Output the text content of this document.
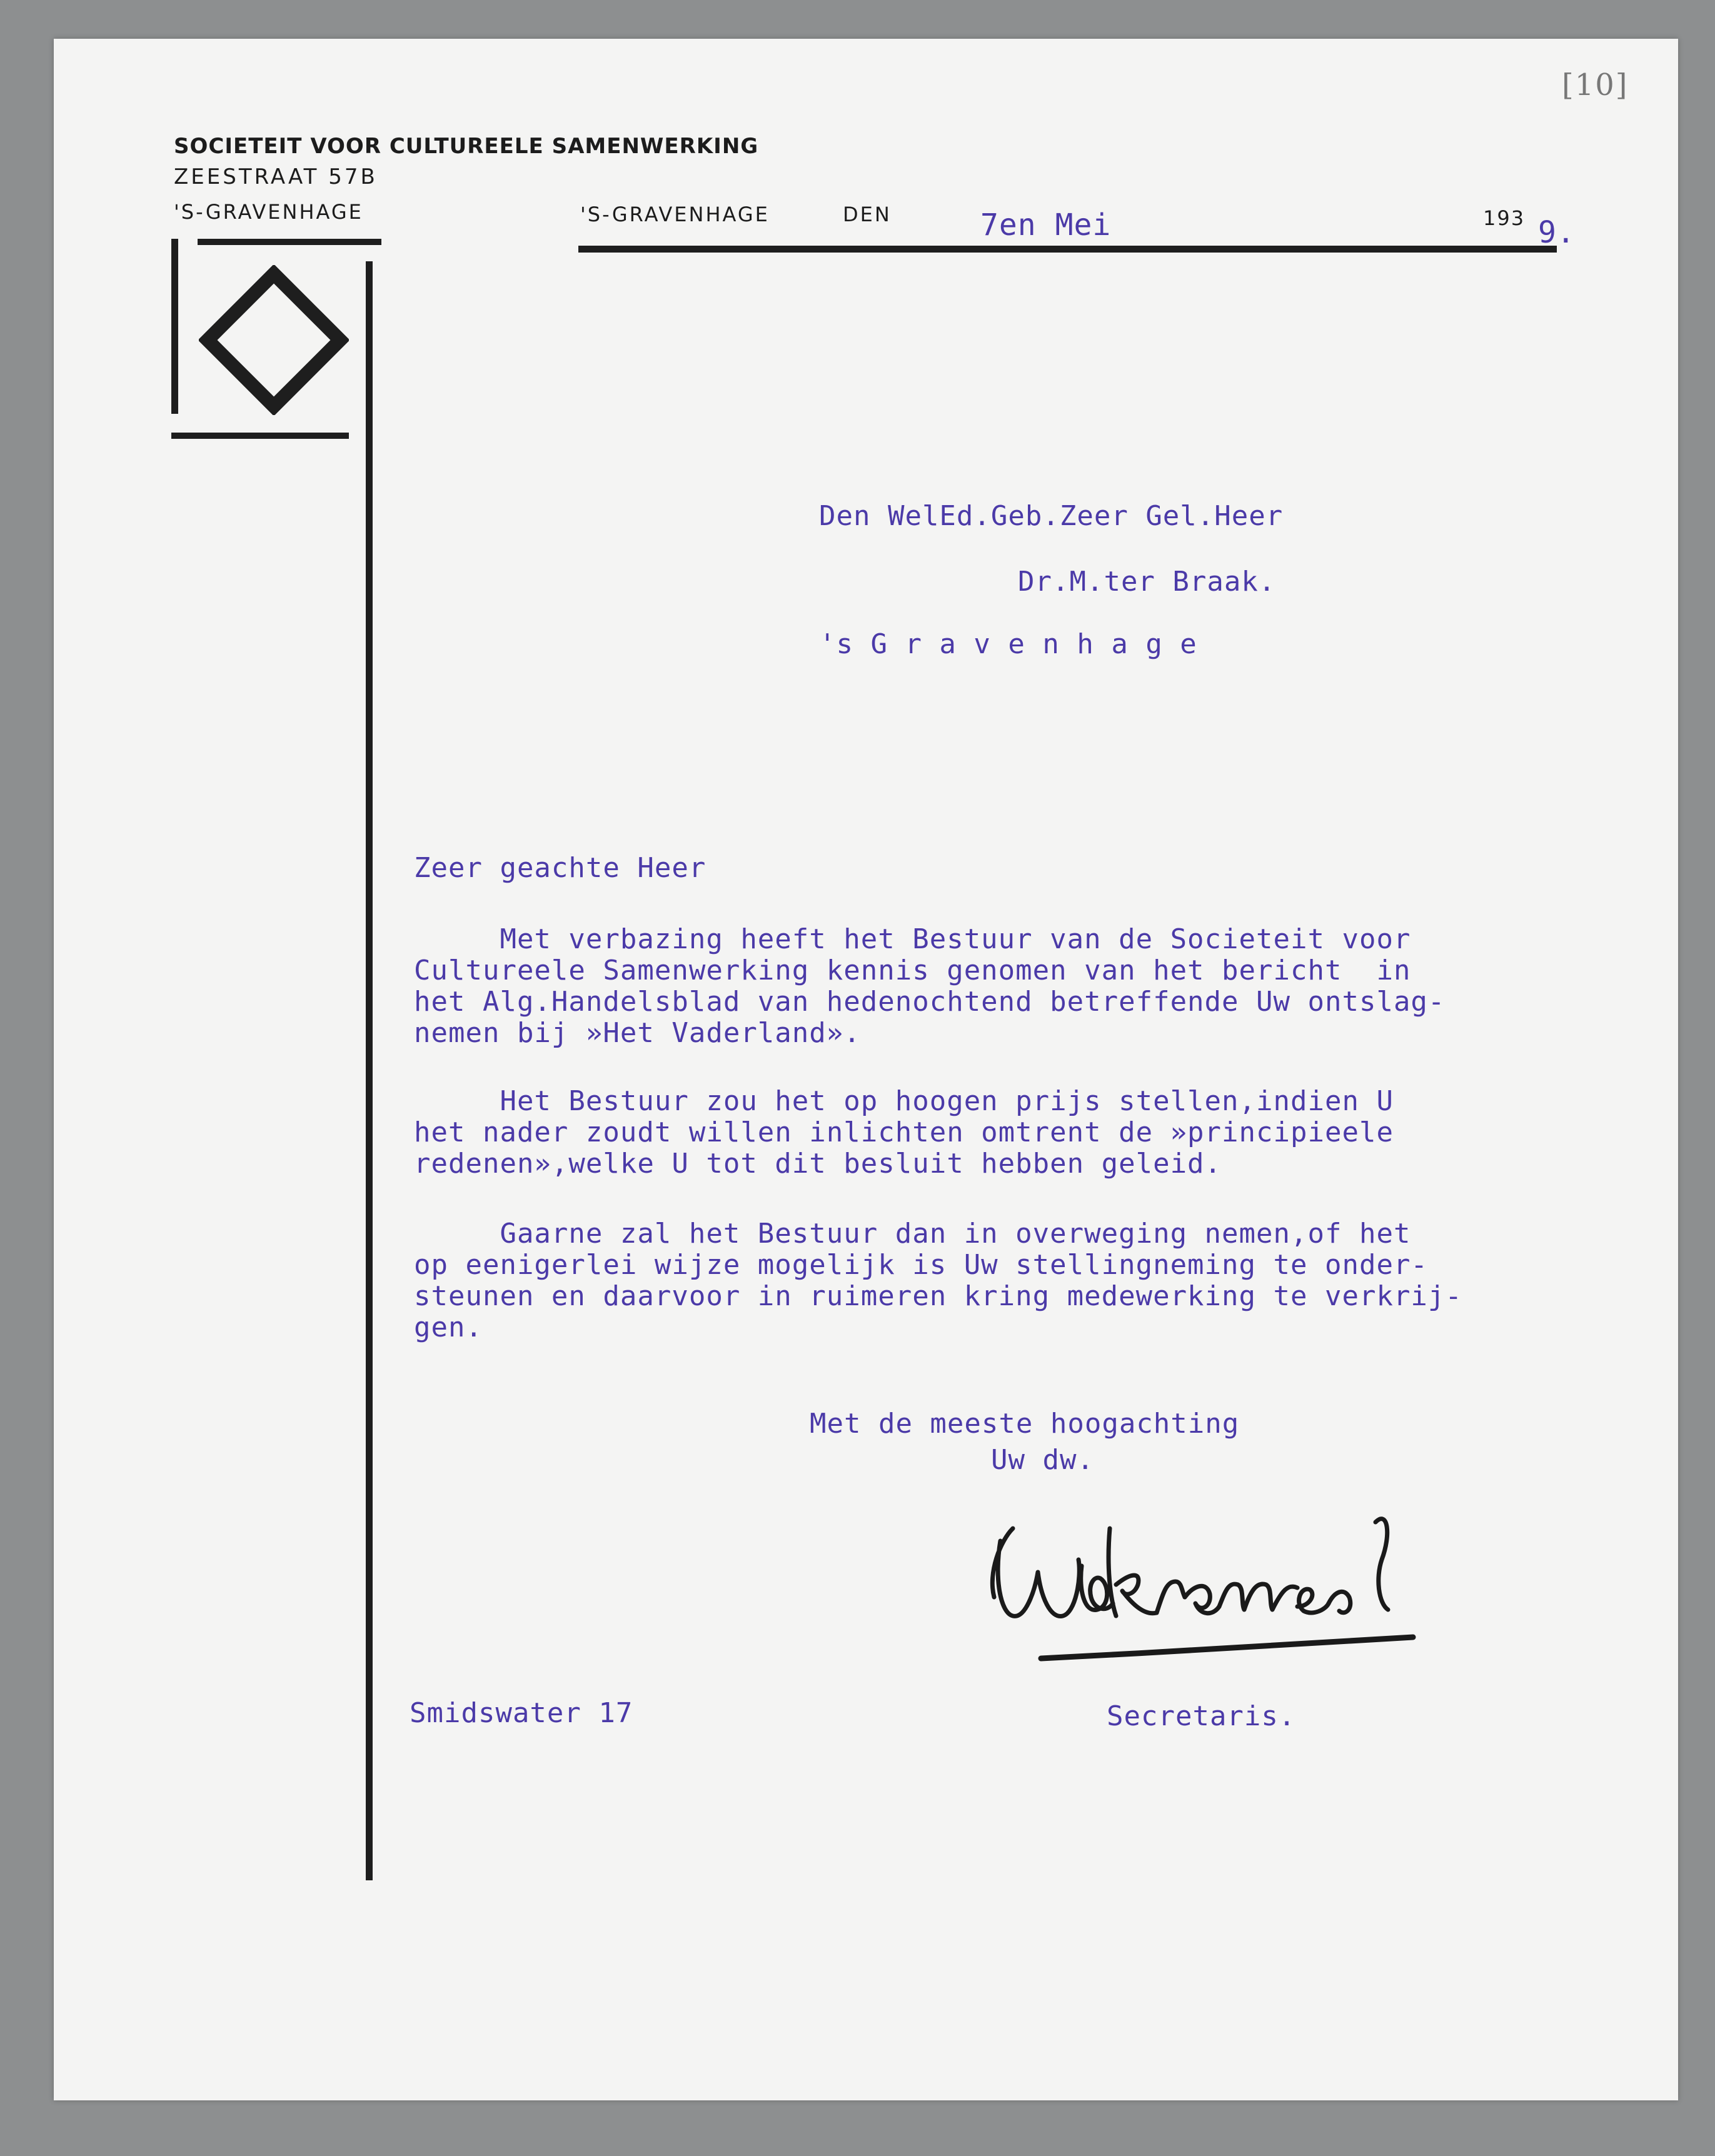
[10]
SOCIETEIT VOOR CULTUREELE SAMENWERKING
ZEESTRAAT 57B
'S-GRAVENHAGE	'S-GRAVENHAGE	DEN	193
7en Mei	9.
Den WelEd.Geb.Zeer Gel.Heer
Dr.M.ter Braak.
's G r a v e n h a g e
Zeer geachte Heer
Met verbazing heeft het Bestuur van de Societeit voor
Cultureele Samenwerking kennis genomen van het bericht  in
het Alg.Handelsblad van hedenochtend betreffende Uw ontslag-
nemen bij »Het Vaderland».
Het Bestuur zou het op hoogen prijs stellen,indien U
het nader zoudt willen inlichten omtrent de »principieele
redenen»,welke U tot dit besluit hebben geleid.
Gaarne zal het Bestuur dan in overweging nemen,of het
op eenigerlei wijze mogelijk is Uw stellingneming te onder-
steunen en daarvoor in ruimeren kring medewerking te verkrij-
gen.
Met de meeste hoogachting
Uw dw.
Smidswater 17	Secretaris.
